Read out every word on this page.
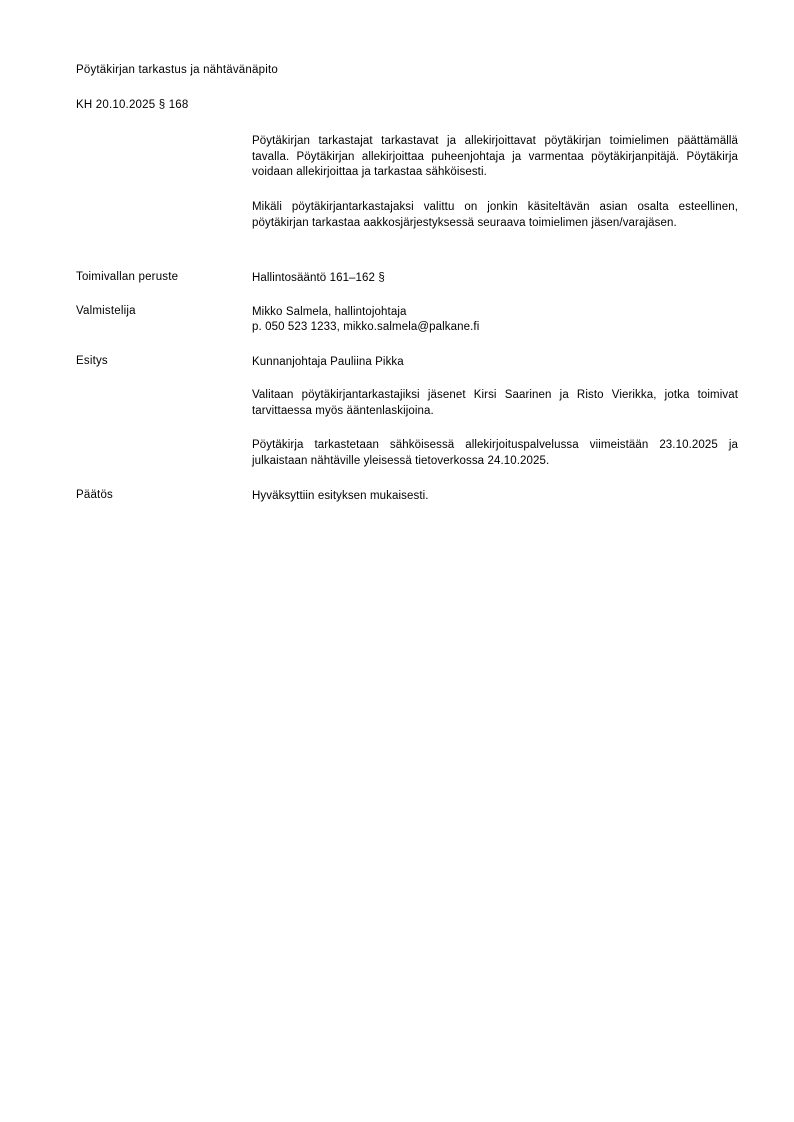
Pöytäkirjan tarkastus ja nähtävänäpito
KH 20.10.2025 § 168
Pöytäkirjan tarkastajat tarkastavat ja allekirjoittavat pöytäkirjan toimielimen päättämällä tavalla. Pöytäkirjan allekirjoittaa puheenjohtaja ja varmentaa pöytäkirjanpitäjä. Pöytäkirja voidaan allekirjoittaa ja tarkastaa sähköisesti.
Mikäli pöytäkirjantarkastajaksi valittu on jonkin käsiteltävän asian osalta esteellinen, pöytäkirjan tarkastaa aakkosjärjestyksessä seuraava toimielimen jäsen/varajäsen.
Toimivallan peruste	Hallintosääntö 161–162 §
Valmistelija	Mikko Salmela, hallintojohtaja
p. 050 523 1233, mikko.salmela@palkane.fi
Esitys	Kunnanjohtaja Pauliina Pikka
Valitaan pöytäkirjantarkastajiksi jäsenet Kirsi Saarinen ja Risto Vierikka, jotka toimivat tarvittaessa myös ääntenlaskijoina.
Pöytäkirja tarkastetaan sähköisessä allekirjoituspalvelussa viimeistään 23.10.2025 ja julkaistaan nähtäville yleisessä tietoverkossa 24.10.2025.
Päätös	Hyväksyttiin esityksen mukaisesti.
